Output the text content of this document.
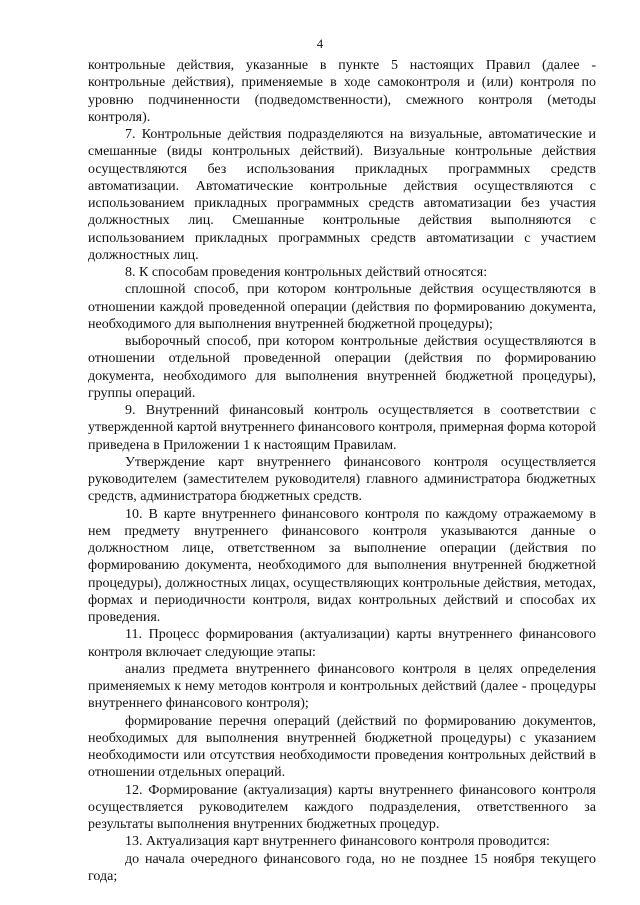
4

контрольные действия, указанные в пункте 5 настоящих Правил (далее - контрольные действия), применяемые в ходе самоконтроля и (или) контроля по уровню подчиненности (подведомственности), смежного контроля (методы контроля).

7. Контрольные действия подразделяются на визуальные, автоматические и смешанные (виды контрольных действий). Визуальные контрольные действия осуществляются без использования прикладных программных средств автоматизации. Автоматические контрольные действия осуществляются с использованием прикладных программных средств автоматизации без участия должностных лиц. Смешанные контрольные действия выполняются с использованием прикладных программных средств автоматизации с участием должностных лиц.

8. К способам проведения контрольных действий относятся:

сплошной способ, при котором контрольные действия осуществляются в отношении каждой проведенной операции (действия по формированию документа, необходимого для выполнения внутренней бюджетной процедуры);

выборочный способ, при котором контрольные действия осуществляются в отношении отдельной проведенной операции (действия по формированию документа, необходимого для выполнения внутренней бюджетной процедуры), группы операций.

9. Внутренний финансовый контроль осуществляется в соответствии с утвержденной картой внутреннего финансового контроля, примерная форма которой приведена в Приложении 1 к настоящим Правилам.

Утверждение карт внутреннего финансового контроля осуществляется руководителем (заместителем руководителя) главного администратора бюджетных средств, администратора бюджетных средств.

10. В карте внутреннего финансового контроля по каждому отражаемому в нем предмету внутреннего финансового контроля указываются данные о должностном лице, ответственном за выполнение операции (действия по формированию документа, необходимого для выполнения внутренней бюджетной процедуры), должностных лицах, осуществляющих контрольные действия, методах, формах и периодичности контроля, видах контрольных действий и способах их проведения.

11. Процесс формирования (актуализации) карты внутреннего финансового контроля включает следующие этапы:

анализ предмета внутреннего финансового контроля в целях определения применяемых к нему методов контроля и контрольных действий (далее - процедуры внутреннего финансового контроля);

формирование перечня операций (действий по формированию документов, необходимых для выполнения внутренней бюджетной процедуры) с указанием необходимости или отсутствия необходимости проведения контрольных действий в отношении отдельных операций.

12. Формирование (актуализация) карты внутреннего финансового контроля осуществляется руководителем каждого подразделения, ответственного за результаты выполнения внутренних бюджетных процедур.

13. Актуализация карт внутреннего финансового контроля проводится:

до начала очередного финансового года, но не позднее 15 ноября текущего года;
